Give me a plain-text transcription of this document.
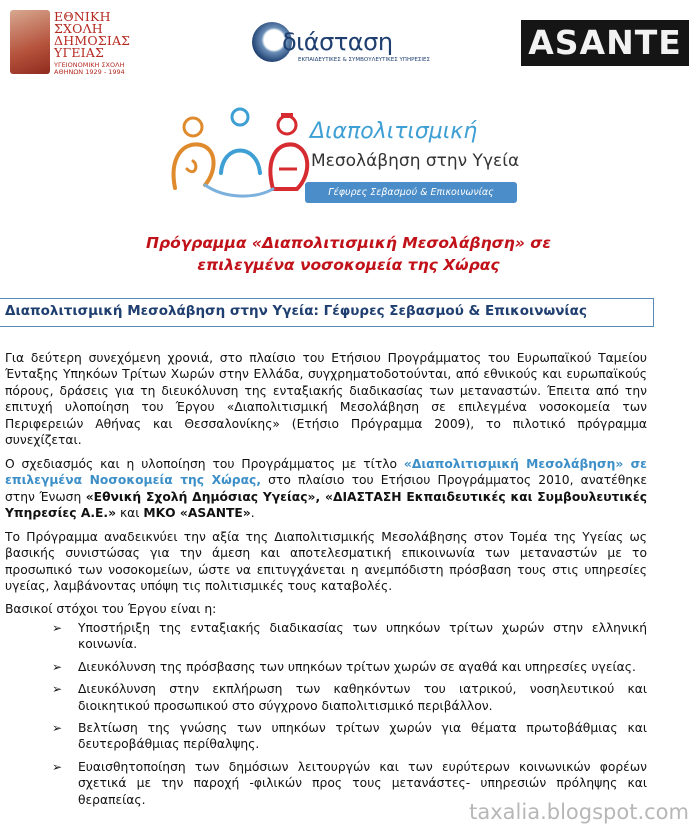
ΕΘΝΙΚΗ
ΣΧΟΛΗ
ΔΗΜΟΣΙΑΣ
ΥΓΕΙΑΣ
ΥΓΕΙΟΝΟΜΙΚΗ ΣΧΟΛΗ
ΑΘΗΝΩΝ 1929 - 1994
διάσταση
ΕΚΠΑΙΔΕΥΤΙΚΕΣ & ΣΥΜΒΟΥΛΕΥΤΙΚΕΣ ΥΠΗΡΕΣΙΕΣ	ASANTE
Διαπολιτισμική
Μεσολάβηση στην Υγεία
Γέφυρες Σεβασμού & Επικοινωνίας
Πρόγραμμα «Διαπολιτισμική Μεσολάβηση» σε
επιλεγμένα νοσοκομεία της Χώρας
Διαπολιτισμική Μεσολάβηση στην Υγεία: Γέφυρες Σεβασμού & Επικοινωνίας
Για δεύτερη συνεχόμενη χρονιά, στο πλαίσιο του Ετήσιου Προγράμματος του Ευρωπαϊκού Ταμείου Ένταξης Υπηκόων Τρίτων Χωρών στην Ελλάδα, συγχρηματοδοτούνται, από εθνικούς και ευρωπαϊκούς πόρους, δράσεις για τη διευκόλυνση της ενταξιακής διαδικασίας των μεταναστών. Έπειτα από την επιτυχή υλοποίηση του Έργου «Διαπολιτισμική Μεσολάβηση σε επιλεγμένα νοσοκομεία των Περιφερειών Αθήνας και Θεσσαλονίκης» (Ετήσιο Πρόγραμμα 2009), το πιλοτικό πρόγραμμα συνεχίζεται.
Ο σχεδιασμός και η υλοποίηση του Προγράμματος με τίτλο «Διαπολιτισμική Μεσολάβηση» σε επιλεγμένα Νοσοκομεία της Χώρας, στο πλαίσιο του Ετήσιου Προγράμματος 2010, ανατέθηκε στην Ένωση «Εθνική Σχολή Δημόσιας Υγείας», «ΔΙΑΣΤΑΣΗ Εκπαιδευτικές και Συμβουλευτικές Υπηρεσίες Α.Ε.» και ΜΚΟ «ASANTE».
Το Πρόγραμμα αναδεικνύει την αξία της Διαπολιτισμικής Μεσολάβησης στον Τομέα της Υγείας ως βασικής συνιστώσας για την άμεση και αποτελεσματική επικοινωνία των μεταναστών με το προσωπικό των νοσοκομείων, ώστε να επιτυγχάνεται η ανεμπόδιστη πρόσβαση τους στις υπηρεσίες υγείας, λαμβάνοντας υπόψη τις πολιτισμικές τους καταβολές.
Βασικοί στόχοι του Έργου είναι η:
➢ Υποστήριξη της ενταξιακής διαδικασίας των υπηκόων τρίτων χωρών στην ελληνική κοινωνία.
➢ Διευκόλυνση της πρόσβασης των υπηκόων τρίτων χωρών σε αγαθά και υπηρεσίες υγείας.
➢ Διευκόλυνση στην εκπλήρωση των καθηκόντων του ιατρικού, νοσηλευτικού και διοικητικού προσωπικού στο σύγχρονο διαπολιτισμικό περιβάλλον.
➢ Βελτίωση της γνώσης των υπηκόων τρίτων χωρών για θέματα πρωτοβάθμιας και δευτεροβάθμιας περίθαλψης.
➢ Ευαισθητοποίηση των δημόσιων λειτουργών και των ευρύτερων κοινωνικών φορέων σχετικά με την παροχή -φιλικών προς τους μετανάστες- υπηρεσιών πρόληψης και θεραπείας.
taxalia.blogspot.com
